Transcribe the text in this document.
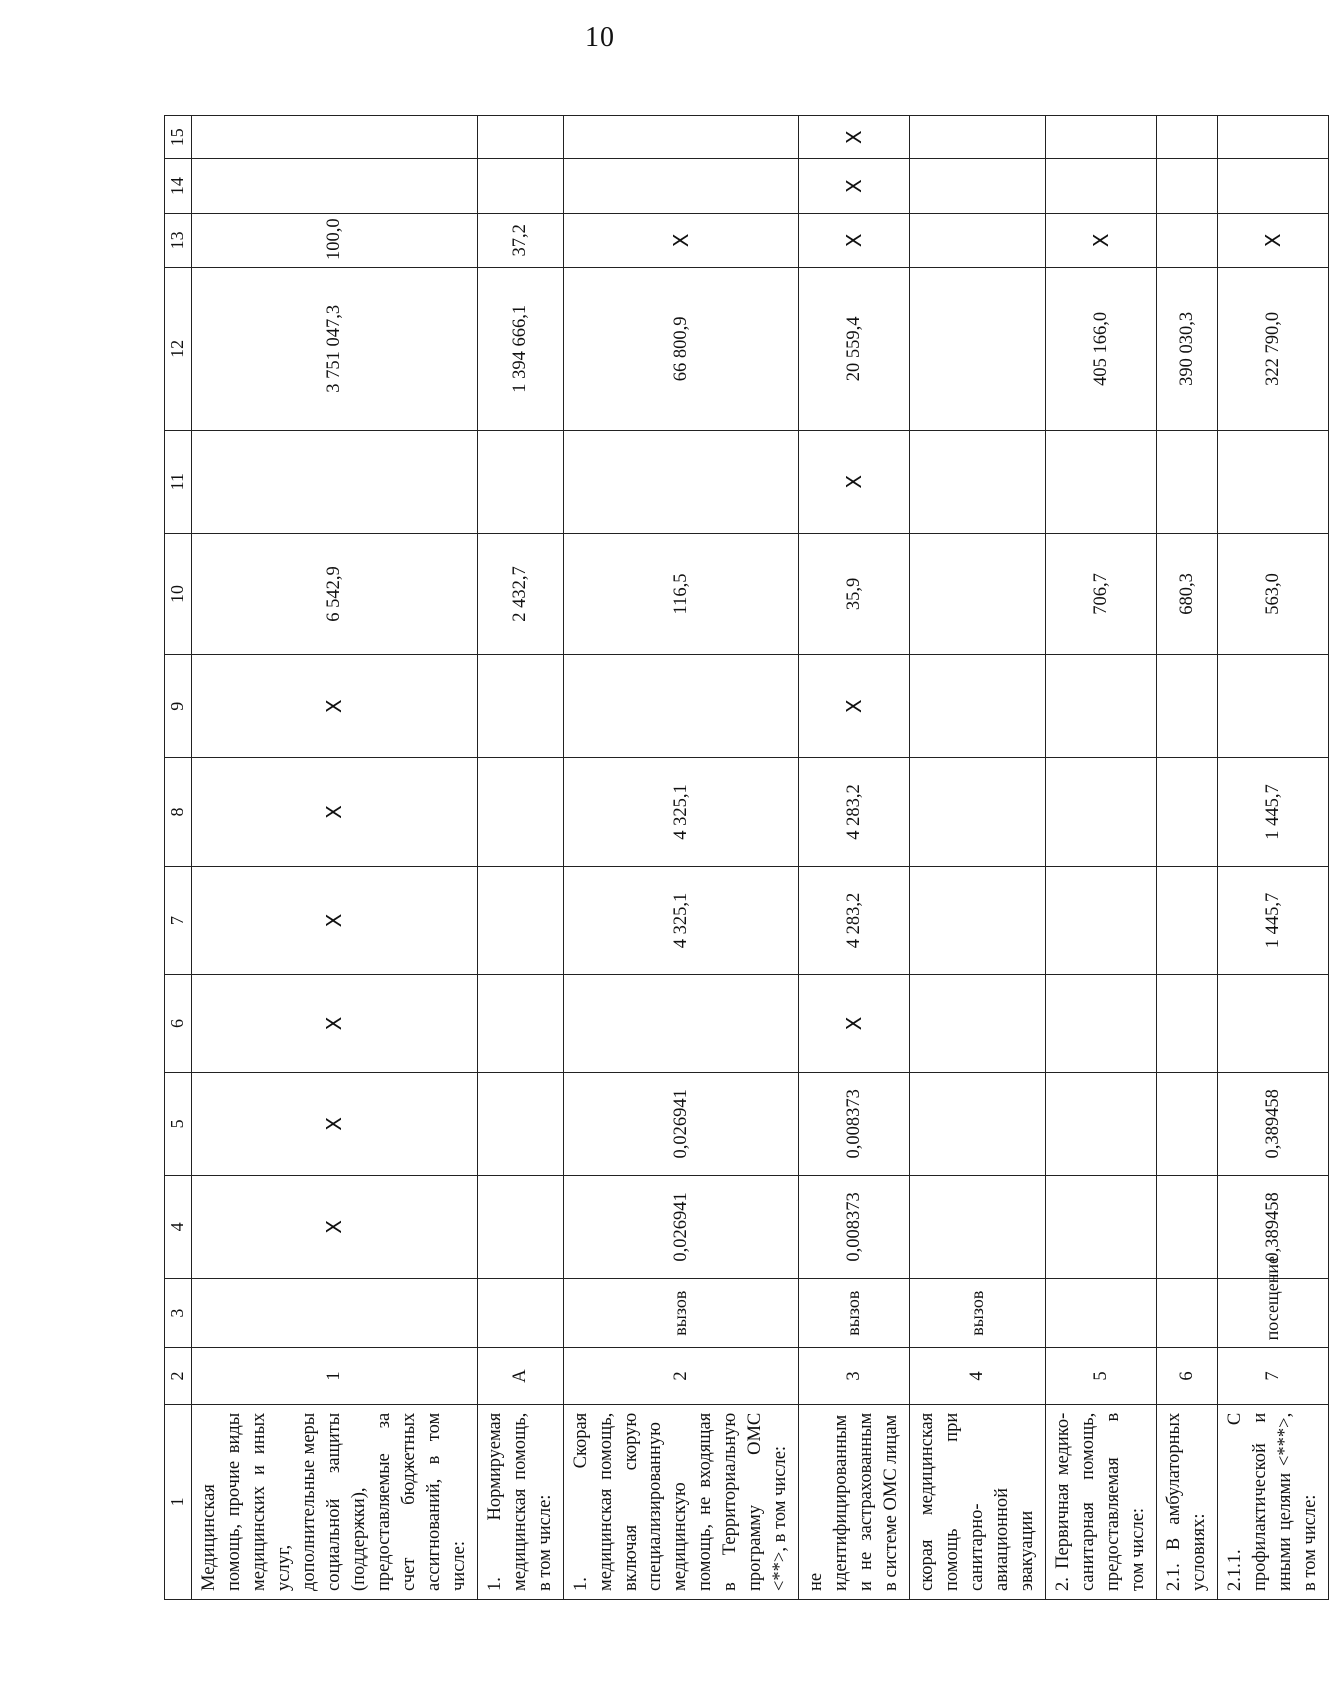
10
1	2	3	4	5	6	7	8	9	10	11	12	13	14	15
Медицинская помощь, прочие виды медицинских и иных услуг, дополнительные меры социальной защиты (поддержки), предоставляемые за счет бюджетных ассигнований, в том числе:	1		X	X	X	X	X	X	6 542,9		3 751 047,3	100,0		
1. Нормируемая медицинская помощь, в том числе:	А								2 432,7		1 394 666,1	37,2		
1. Скорая медицинская помощь, включая скорую специализированную медицинскую помощь, не входящая в Территориальную программу ОМС <**>, в том числе:	2	вызов	0,026941	0,026941		4 325,1	4 325,1		116,5		66 800,9	X		
не идентифицированным и не застрахованным в системе ОМС лицам	3	вызов	0,008373	0,008373	X	4 283,2	4 283,2	X	35,9	X	20 559,4	X	X	X
скорая медицинская помощь при санитарно-авиационной эвакуации	4	вызов												
2. Первичная медико-санитарная помощь, предоставляемая в том числе:	5								706,7		405 166,0	X		
2.1. В амбулаторных условиях:	6								680,3		390 030,3			
2.1.1. С профилактической и иными целями <***>, в том числе:	7	посещение	0,389458	0,389458		1 445,7	1 445,7		563,0		322 790,0	X		
